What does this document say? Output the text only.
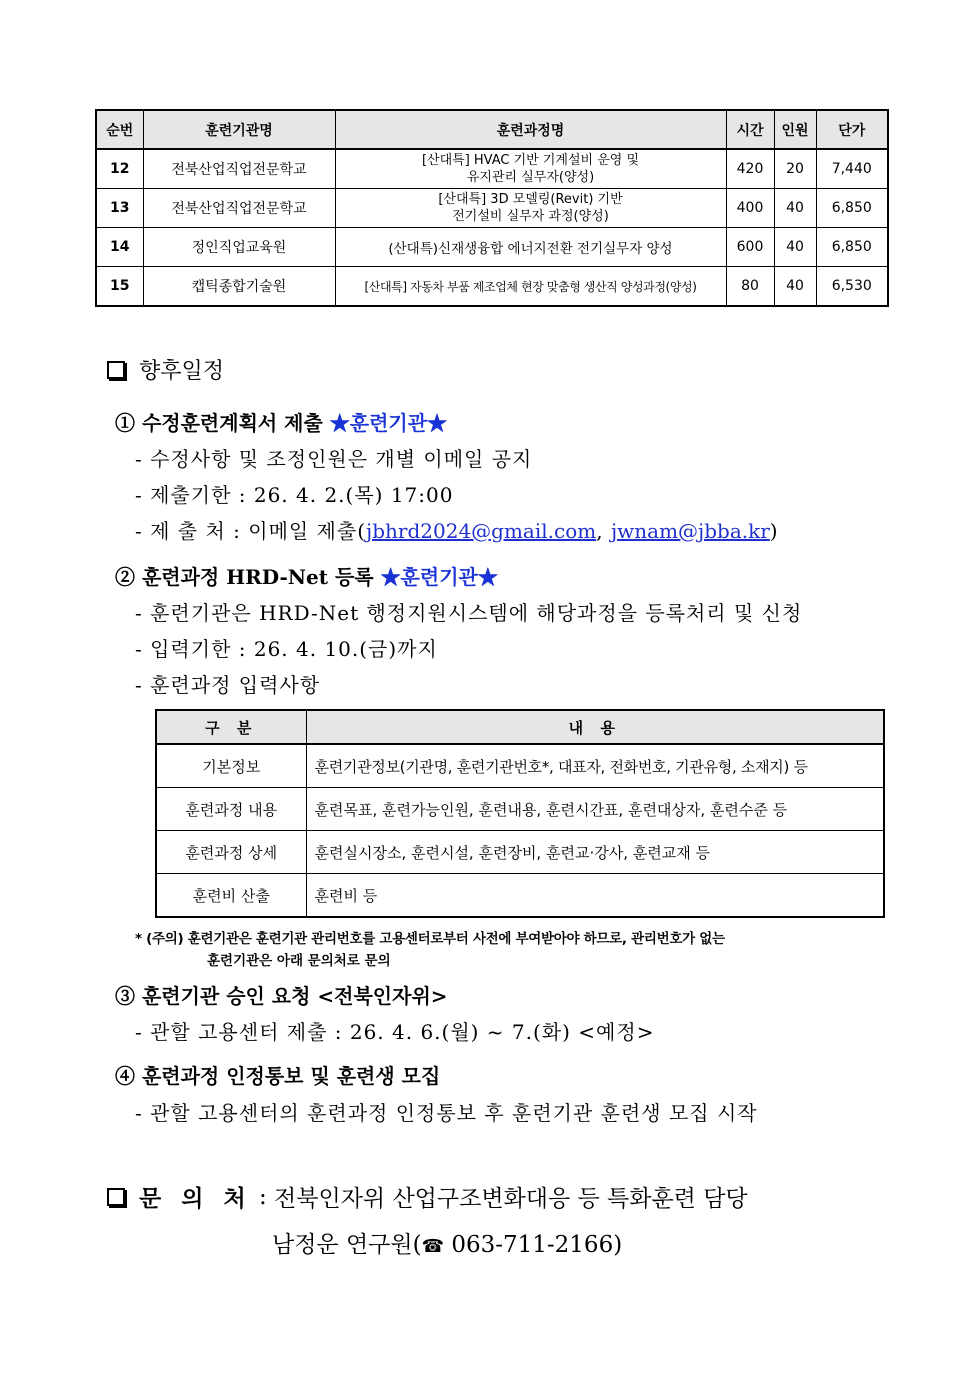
순번	훈련기관명	훈련과정명	시간	인원	단가
12	전북산업직업전문학교	[산대특] HVAC 기반 기계설비 운영 및
유지관리 실무자(양성)	420	20	7,440
13	전북산업직업전문학교	[산대특] 3D 모델링(Revit) 기반
전기설비 실무자 과정(양성)	400	40	6,850
14	정인직업교육원	(산대특)신재생융합 에너지전환 전기실무자 양성	600	40	6,850
15	캡틱종합기술원	[산대특] 자동차 부품 제조업체 현장 맞춤형 생산직 양성과정(양성)	80	40	6,530
향후일정
① 수정훈련계획서 제출 ★훈련기관★
- 수정사항 및 조정인원은 개별 이메일 공지
- 제출기한 : 26. 4. 2.(목) 17:00
- 제 출 처 : 이메일 제출(jbhrd2024@gmail.com, jwnam@jbba.kr)
② 훈련과정 HRD-Net 등록 ★훈련기관★
- 훈련기관은 HRD-Net 행정지원시스템에 해당과정을 등록처리 및 신청
- 입력기한 : 26. 4. 10.(금)까지
- 훈련과정 입력사항
구 분	내 용
기본정보	훈련기관정보(기관명, 훈련기관번호*, 대표자, 전화번호, 기관유형, 소재지) 등
훈련과정 내용	훈련목표, 훈련가능인원, 훈련내용, 훈련시간표, 훈련대상자, 훈련수준 등
훈련과정 상세	훈련실시장소, 훈련시설, 훈련장비, 훈련교·강사, 훈련교재 등
훈련비 산출	훈련비 등
* (주의) 훈련기관은 훈련기관 관리번호를 고용센터로부터 사전에 부여받아야 하므로, 관리번호가 없는
훈련기관은 아래 문의처로 문의
③ 훈련기관 승인 요청 <전북인자위>
- 관할 고용센터 제출 : 26. 4. 6.(월) ~ 7.(화) <예정>
④ 훈련과정 인정통보 및 훈련생 모집
- 관할 고용센터의 훈련과정 인정통보 후 훈련기관 훈련생 모집 시작
문 의 처 : 전북인자위 산업구조변화대응 등 특화훈련 담당
남정운 연구원(☎ 063-711-2166)
